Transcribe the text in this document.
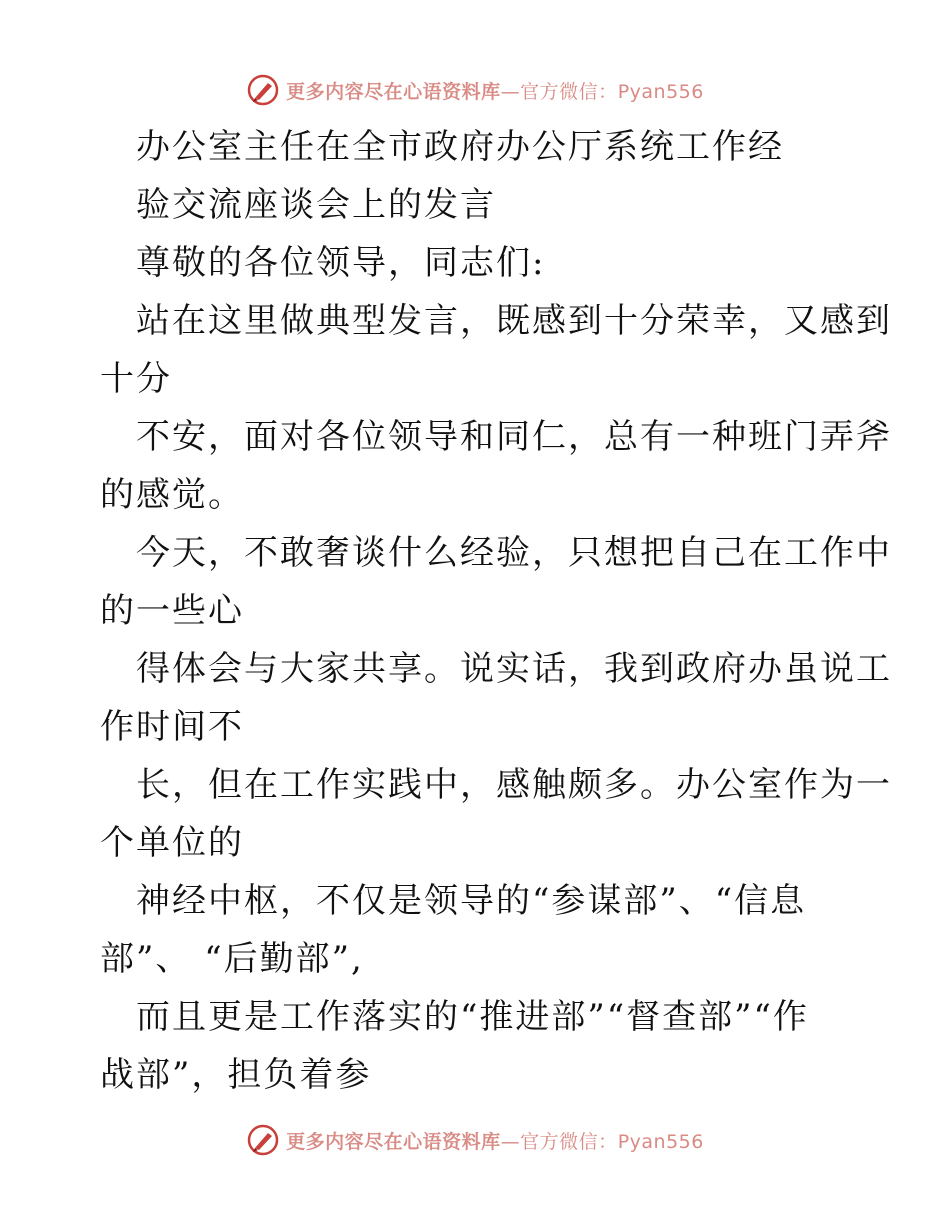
更多内容尽在心语资料库—官方微信：Pyan556
办公室主任在全市政府办公厅系统工作经
验交流座谈会上的发言
尊敬的各位领导，同志们:
站在这里做典型发言，既感到十分荣幸，又感到
十分
不安，面对各位领导和同仁，总有一种班门弄斧
的感觉。
今天，不敢奢谈什么经验，只想把自己在工作中
的一些心
得体会与大家共享。说实话，我到政府办虽说工
作时间不
长，但在工作实践中，感触颇多。办公室作为一
个单位的
神经中枢，不仅是领导的“参谋部”、“信息
部”、 “后勤部”,
而且更是工作落实的“推进部”“督查部”“作
战部”，担负着参
更多内容尽在心语资料库—官方微信：Pyan556
